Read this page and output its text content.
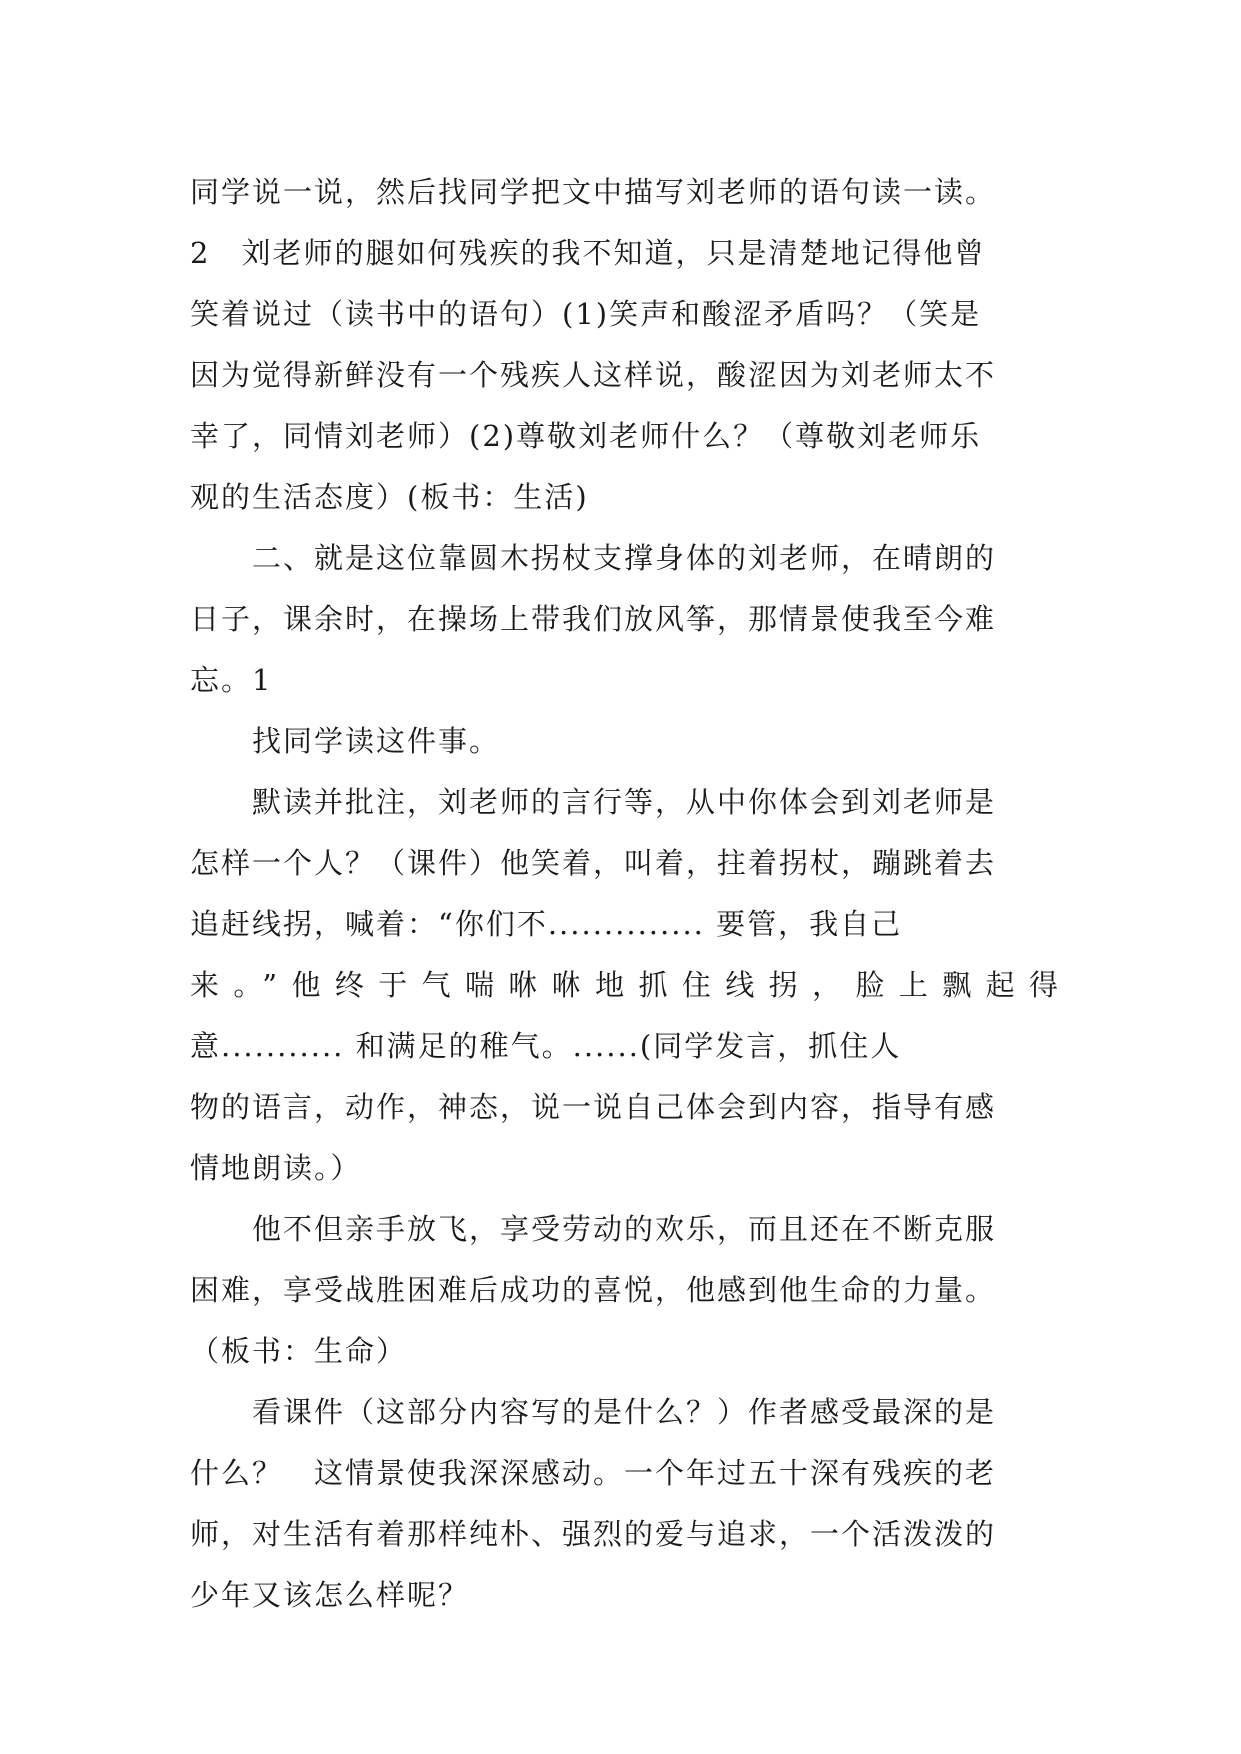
同学说一说，然后找同学把文中描写刘老师的语句读一读。
2　刘老师的腿如何残疾的我不知道，只是清楚地记得他曾
笑着说过（读书中的语句）(1)笑声和酸涩矛盾吗？（笑是
因为觉得新鲜没有一个残疾人这样说，酸涩因为刘老师太不
幸了，同情刘老师）(2)尊敬刘老师什么？（尊敬刘老师乐
观的生活态度）(板书：生活)
　　二、就是这位靠圆木拐杖支撑身体的刘老师，在晴朗的
日子，课余时，在操场上带我们放风筝，那情景使我至今难
忘。1
　　找同学读这件事。
　　默读并批注，刘老师的言行等，从中你体会到刘老师是
怎样一个人？（课件）他笑着，叫着，拄着拐杖，蹦跳着去
追赶线拐，喊着：“你们不.............. 要管，我自己
来。”他终于气喘咻咻地抓住线拐，脸上飘起得
意........... 和满足的稚气。......(同学发言，抓住人
物的语言，动作，神态，说一说自己体会到内容，指导有感
情地朗读。）
　　他不但亲手放飞，享受劳动的欢乐，而且还在不断克服
困难，享受战胜困难后成功的喜悦，他感到他生命的力量。
（板书：生命）
　　看课件（这部分内容写的是什么？）作者感受最深的是
什么？　这情景使我深深感动。一个年过五十深有残疾的老
师，对生活有着那样纯朴、强烈的爱与追求，一个活泼泼的
少年又该怎么样呢？
